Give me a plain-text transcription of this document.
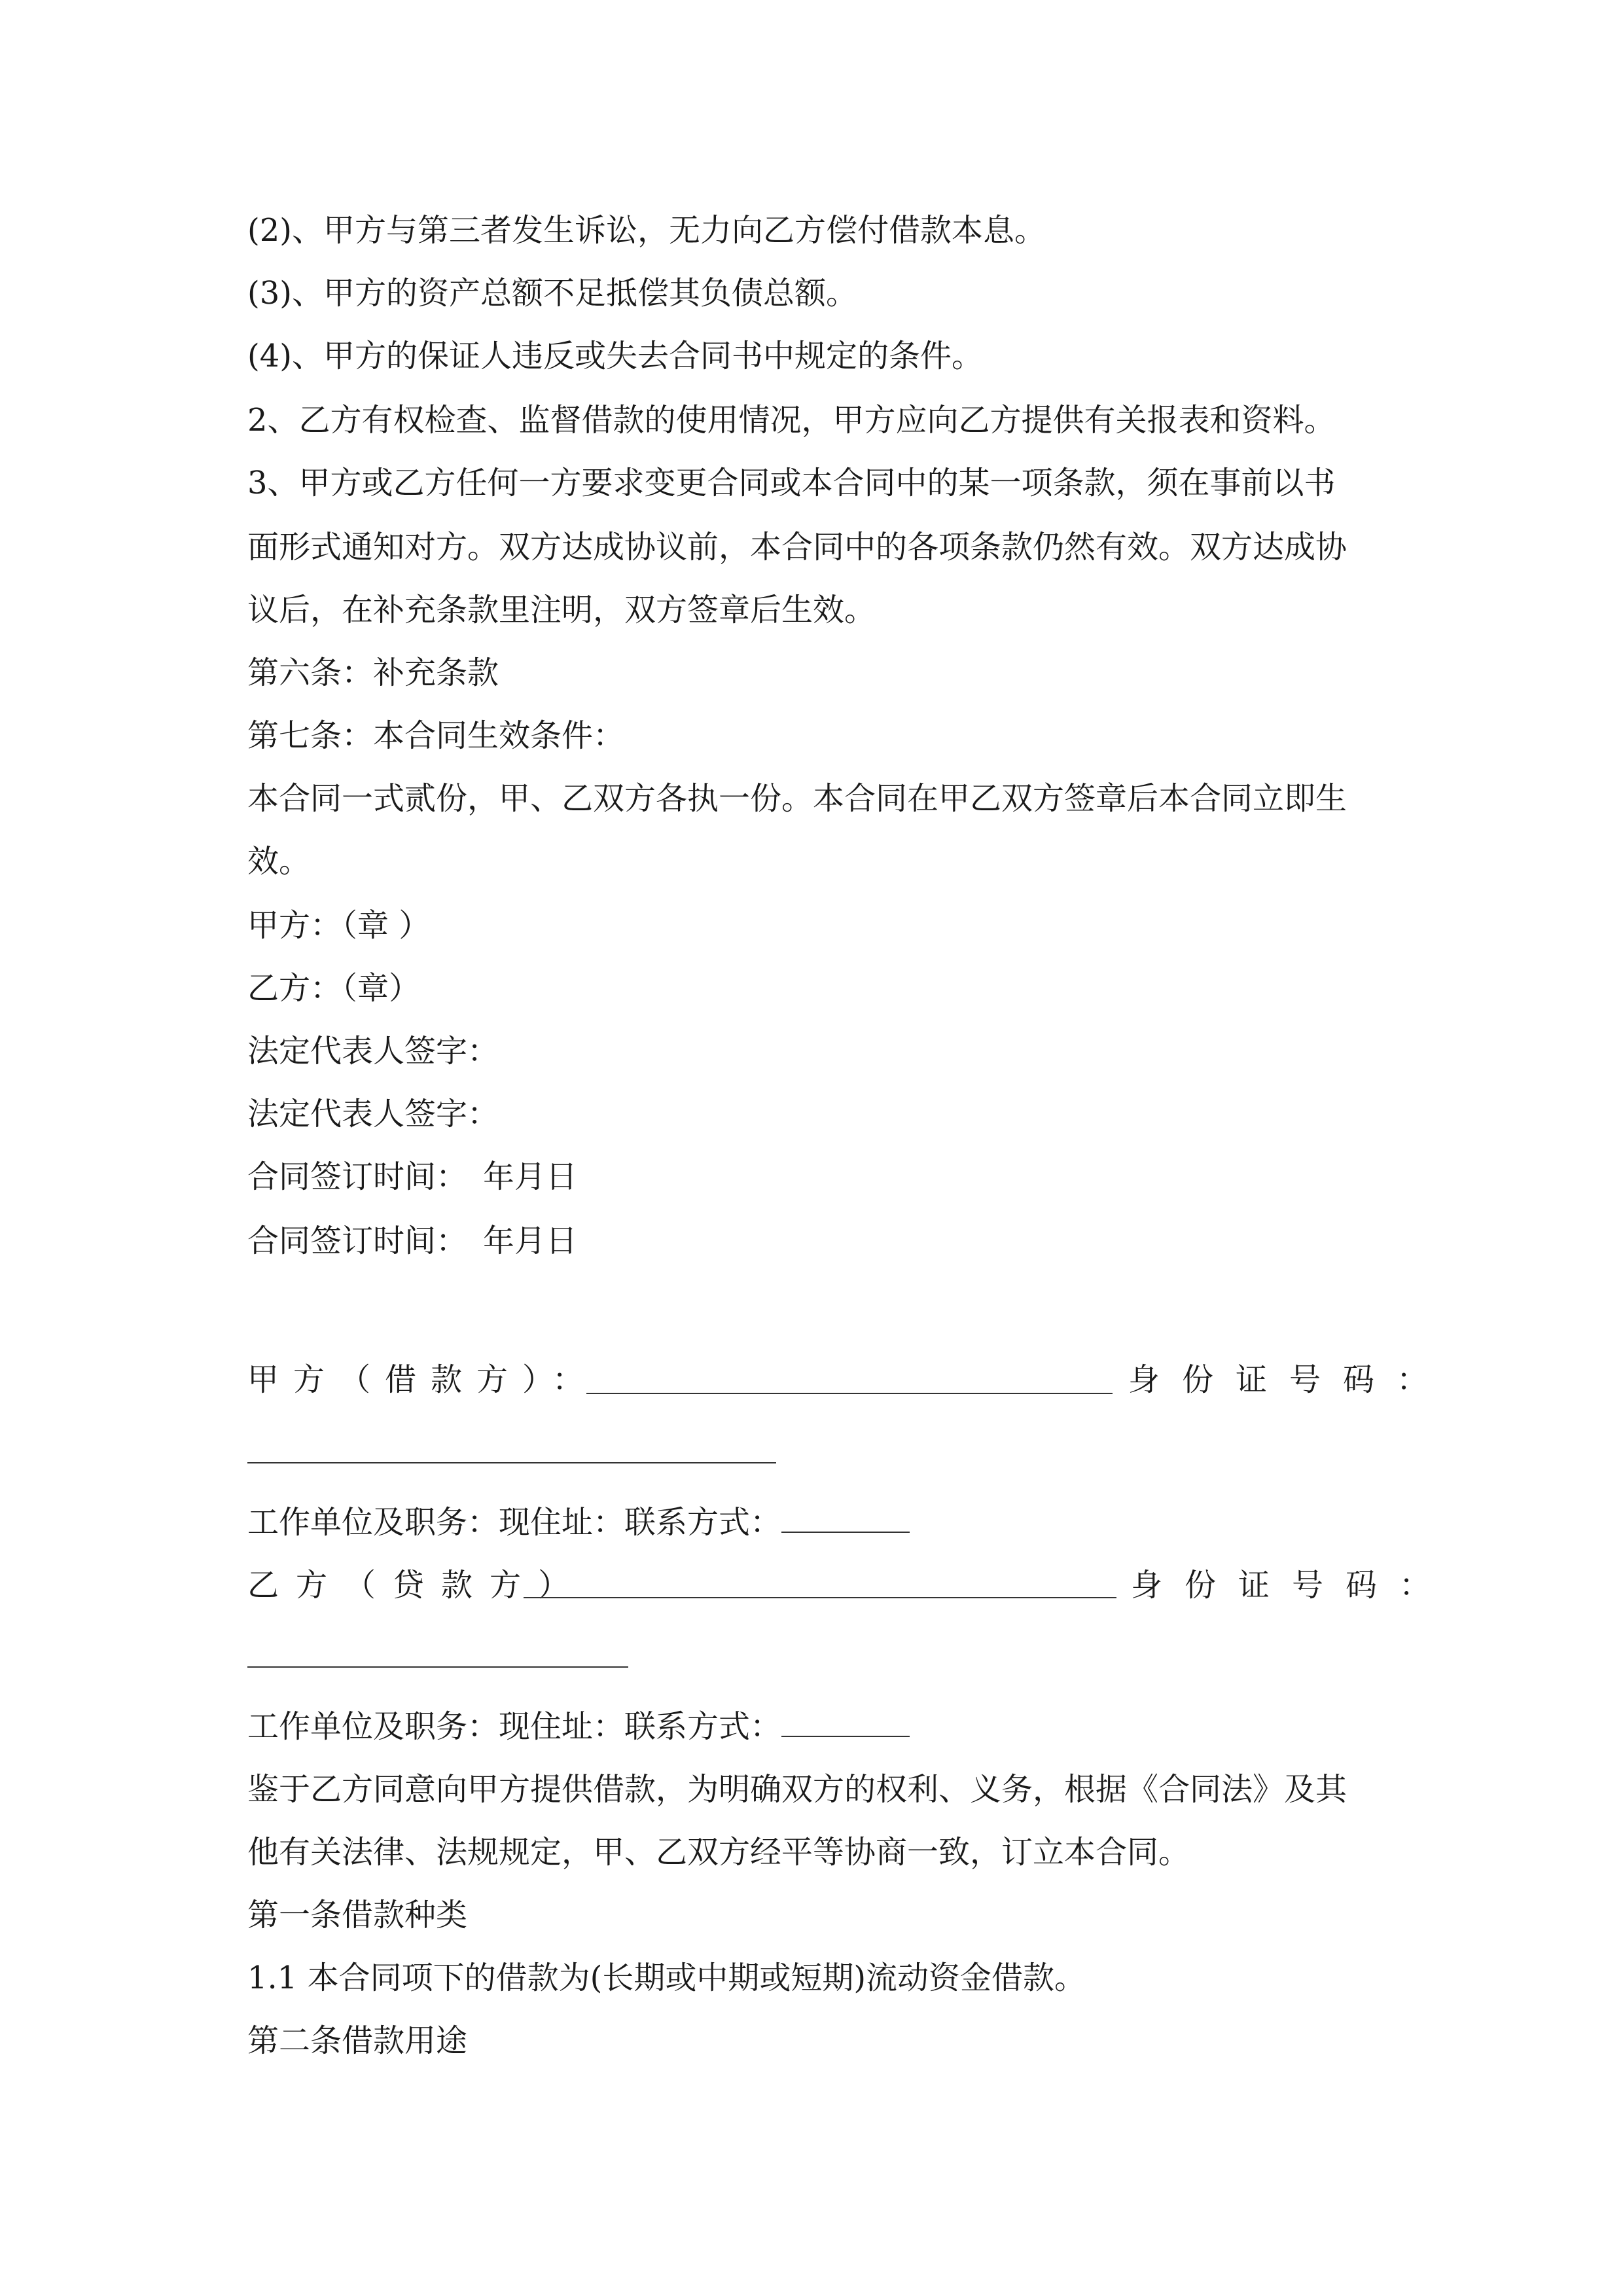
(2)、甲方与第三者发生诉讼，无力向乙方偿付借款本息。
(3)、甲方的资产总额不足抵偿其负债总额。
(4)、甲方的保证人违反或失去合同书中规定的条件。
2、乙方有权检查、监督借款的使用情况，甲方应向乙方提供有关报表和资料。
3、甲方或乙方任何一方要求变更合同或本合同中的某一项条款，须在事前以书
面形式通知对方。双方达成协议前，本合同中的各项条款仍然有效。双方达成协
议后，在补充条款里注明，双方签章后生效。
第六条：补充条款
第七条：本合同生效条件：
本合同一式贰份，甲、乙双方各执一份。本合同在甲乙双方签章后本合同立即生
效。
甲方：（章 ）
乙方：（章）
法定代表人签字：
法定代表人签字：
合同签订时间：　年月日
合同签订时间：　年月日
甲方（借款方）：	身份证号码：
工作单位及职务：现住址：联系方式：
乙方（贷款方）	身份证号码：
工作单位及职务：现住址：联系方式：
鉴于乙方同意向甲方提供借款，为明确双方的权利、义务，根据《合同法》及其
他有关法律、法规规定，甲、乙双方经平等协商一致，订立本合同。
第一条借款种类
1.1 本合同项下的借款为(长期或中期或短期)流动资金借款。
第二条借款用途
